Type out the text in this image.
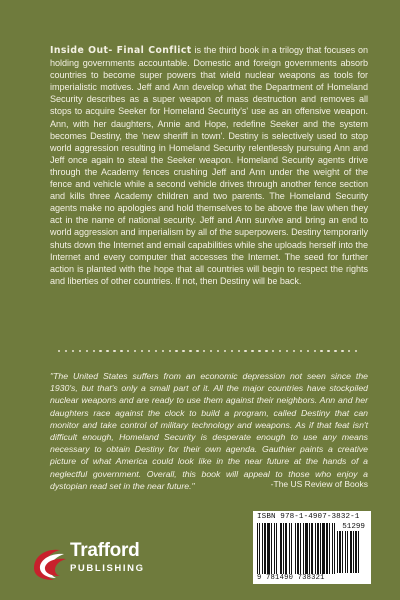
Inside Out- Final Conflict is the third book in a trilogy that focuses on holding governments accountable. Domestic and foreign governments absorb countries to become super powers that wield nuclear weapons as tools for imperialistic motives. Jeff and Ann develop what the Department of Homeland Security describes as a super weapon of mass destruction and removes all stops to acquire Seeker for Homeland Security's' use as an offensive weapon. Ann, with her daughters, Annie and Hope, redefine Seeker and the system becomes Destiny, the 'new sheriff in town'. Destiny is selectively used to stop world aggression resulting in Homeland Security relentlessly pursuing Ann and Jeff once again to steal the Seeker weapon. Homeland Security agents drive through the Academy fences crushing Jeff and Ann under the weight of the fence and vehicle while a second vehicle drives through another fence section and kills three Academy children and two parents. The Homeland Security agents make no apologies and hold themselves to be above the law when they act in the name of national security. Jeff and Ann survive and bring an end to world aggression and imperialism by all of the superpowers. Destiny temporarily shuts down the Internet and email capabilities while she uploads herself into the Internet and every computer that accesses the Internet. The seed for further action is planted with the hope that all countries will begin to respect the rights and liberties of other countries. If not, then Destiny will be back.

"The United States suffers from an economic depression not seen since the 1930's, but that's only a small part of it. All the major countries have stockpiled nuclear weapons and are ready to use them against their neighbors. Ann and her daughters race against the clock to build a program, called Destiny that can monitor and take control of military technology and weapons. As if that feat isn't difficult enough, Homeland Security is desperate enough to use any means necessary to obtain Destiny for their own agenda. Gauthier paints a creative picture of what America could look like in the near future at the hands of a neglectful government. Overall, this book will appeal to those who enjoy a dystopian read set in the near future."	-The US Review of Books

Trafford
PUBLISHING
ISBN 978-1-4907-3832-1
51299
9 781490 738321
